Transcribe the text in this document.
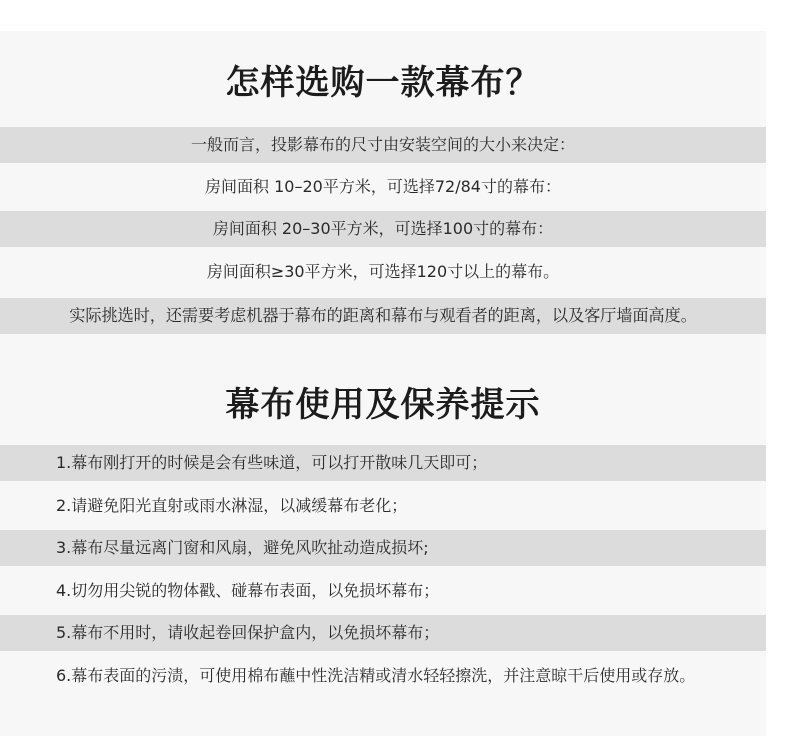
怎样选购一款幕布？
一般而言，投影幕布的尺寸由安装空间的大小来决定：
房间面积 10–20平方米，可选择72/84寸的幕布：
房间面积 20–30平方米，可选择100寸的幕布：
房间面积≥30平方米，可选择120寸以上的幕布。
实际挑选时，还需要考虑机器于幕布的距离和幕布与观看者的距离，以及客厅墙面高度。
幕布使用及保养提示
1.幕布刚打开的时候是会有些味道，可以打开散味几天即可；
2.请避免阳光直射或雨水淋湿，以减缓幕布老化；
3.幕布尽量远离门窗和风扇，避免风吹扯动造成损坏;
4.切勿用尖锐的物体戳、碰幕布表面，以免损坏幕布；
5.幕布不用时，请收起卷回保护盒内，以免损坏幕布；
6.幕布表面的污渍，可使用棉布蘸中性洗洁精或清水轻轻擦洗，并注意晾干后使用或存放。
